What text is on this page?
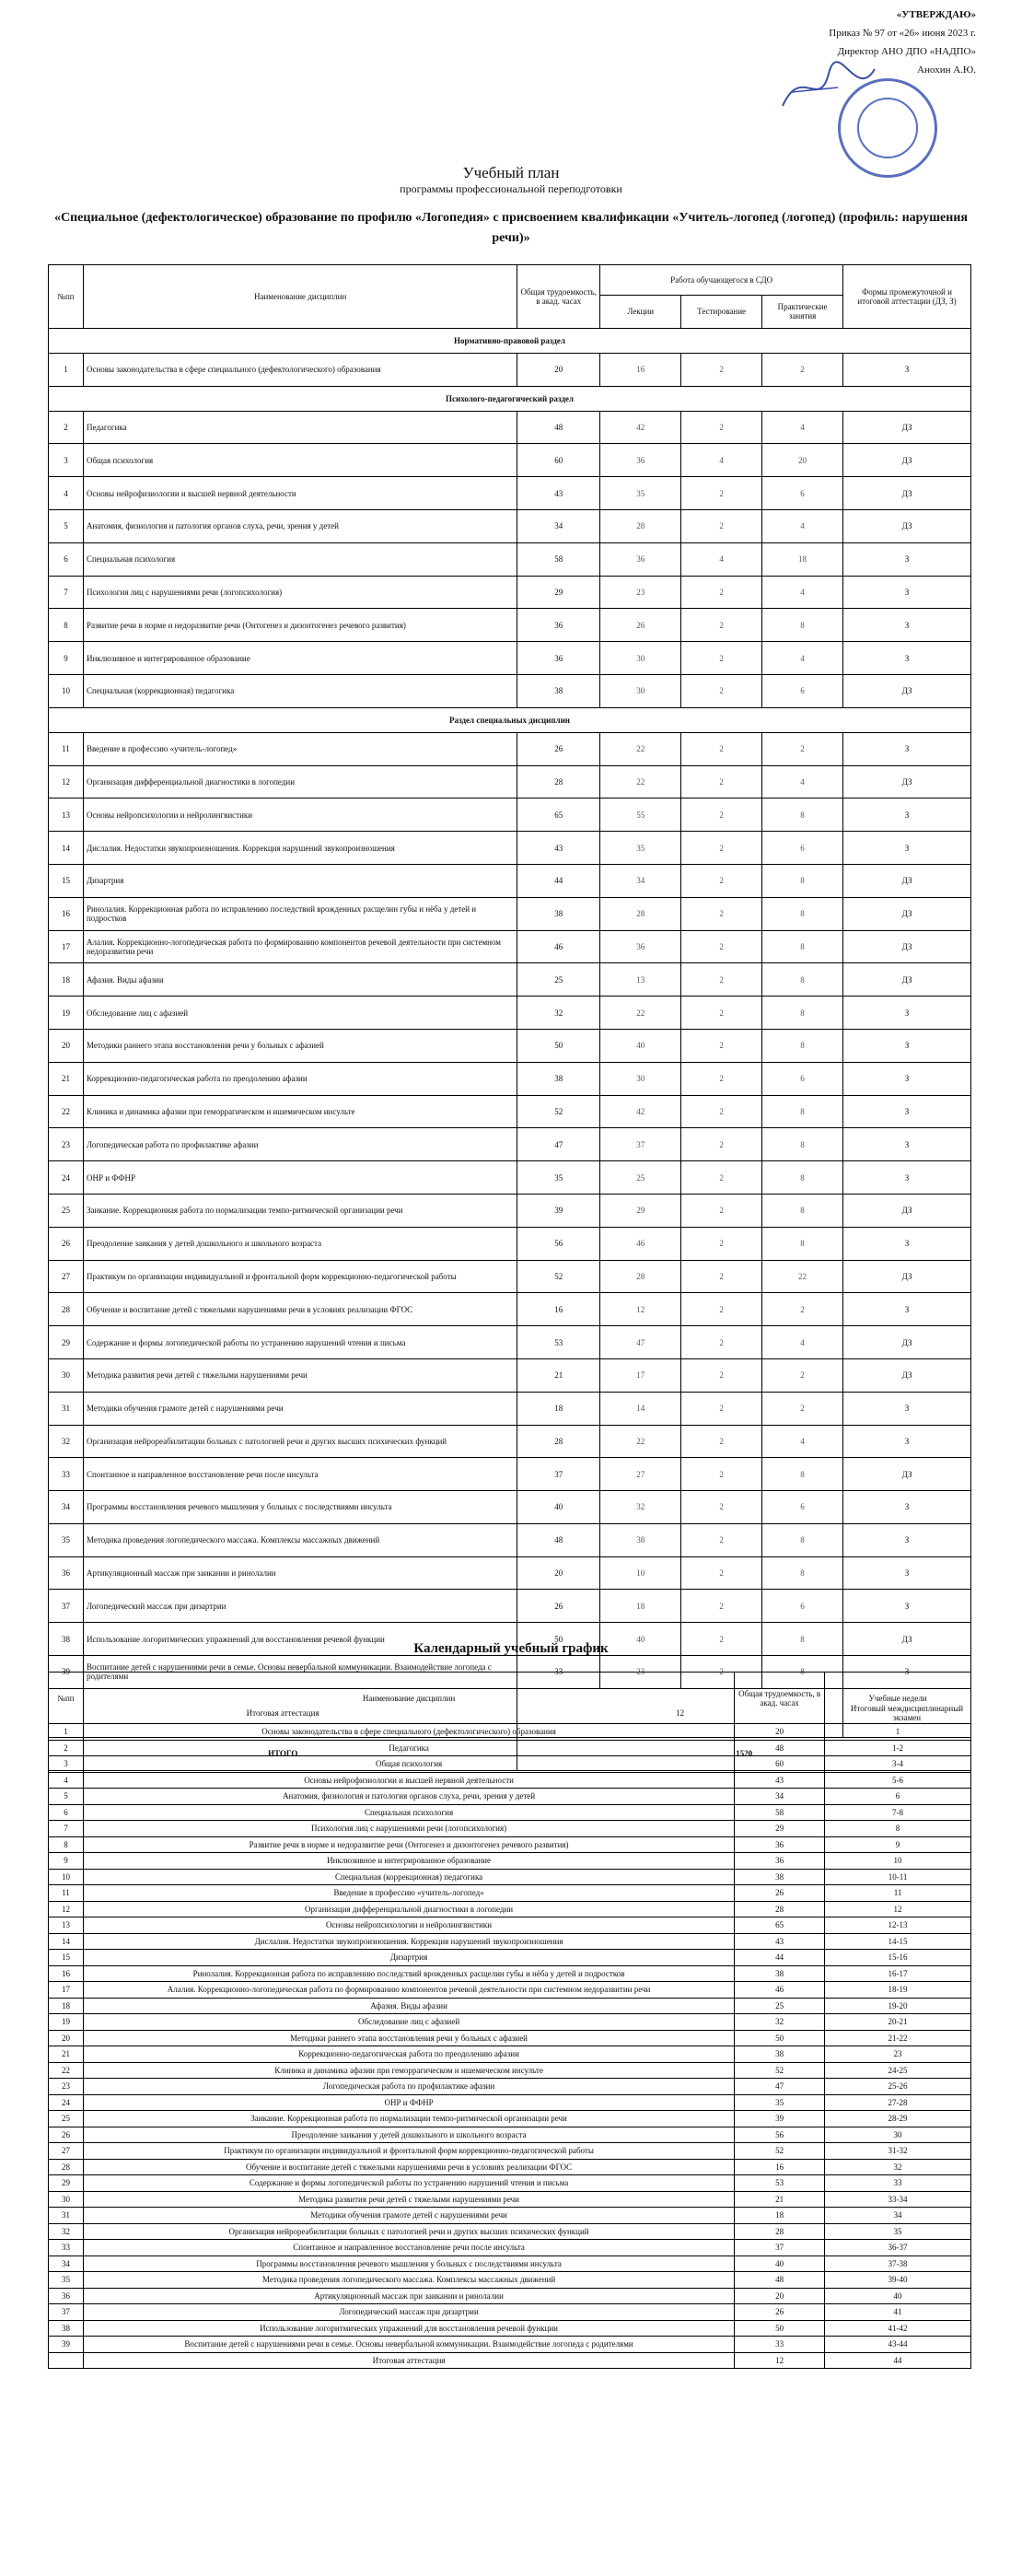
«УТВЕРЖДАЮ»
Приказ № 97 от «26» июня 2023 г.
Директор АНО ДПО «НАДПО»
Анохин А.Ю.
Учебный план
программы профессиональной переподготовки
«Специальное (дефектологическое) образование по профилю «Логопедия» с присвоением квалификации «Учитель-логопед (логопед) (профиль: нарушения речи)»
№пп	Наименование дисциплин	Общая трудоемкость, в акад. часах	Работа обучающегося в СДО			Формы промежуточной и итоговой аттестации (ДЗ, З)
			Лекции	Тестирование	Практические занятия	
Нормативно-правовой раздел						
1	Основы законодательства в сфере специального (дефектологического) образования	20	16	2	2	З
Психолого-педагогический раздел						
2	Педагогика	48	42	2	4	ДЗ
3	Общая психология	60	36	4	20	ДЗ
4	Основы нейрофизиологии и высшей нервной деятельности	43	35	2	6	ДЗ
5	Анатомия, физиология и патология органов слуха, речи, зрения у детей	34	28	2	4	ДЗ
6	Специальная психология	58	36	4	18	З
7	Психология лиц с нарушениями речи (логопсихология)	29	23	2	4	З
8	Развитие речи в норме и недоразвитие речи (Онтогенез и дизонтогенез речевого развития)	36	26	2	8	З
9	Инклюзивное и интегрированное образование	36	30	2	4	З
10	Специальная (коррекционная) педагогика	38	30	2	6	ДЗ
Раздел специальных дисциплин						
11	Введение в профессию «учитель-логопед»	26	22	2	2	З
12	Организация дифференциальной диагностики в логопедии	28	22	2	4	ДЗ
13	Основы нейропсихологии и нейролингвистики	65	55	2	8	З
14	Дислалия. Недостатки звукопроизношения. Коррекция нарушений звукопроизношения	43	35	2	6	З
15	Дизартрия	44	34	2	8	ДЗ
16	Ринолалия. Коррекционная работа по исправлению последствий врожденных расщелин губы и нёба у детей и подростков	38	28	2	8	ДЗ
17	Алалия. Коррекционно-логопедическая работа по формированию компонентов речевой деятельности при системном недоразвитии речи	46	36	2	8	ДЗ
18	Афазия. Виды афазии	25	13	2	8	ДЗ
19	Обследование лиц с афазией	32	22	2	8	З
20	Методики раннего этапа восстановления речи у больных с афазией	50	40	2	8	З
21	Коррекционно-педагогическая работа по преодолению афазии	38	30	2	6	З
22	Клиника и динамика афазии при геморрагическом и ишемическом инсульте	52	42	2	8	З
23	Логопедическая работа по профилактике афазии	47	37	2	8	З
24	ОНР и ФФНР	35	25	2	8	З
25	Заикание. Коррекционная работа по нормализации темпо-ритмической организации речи	39	29	2	8	ДЗ
26	Преодоление заикания у детей дошкольного и школьного возраста	56	46	2	8	З
27	Практикум по организации индивидуальной и фронтальной форм коррекционно-педагогической работы	52	28	2	22	ДЗ
28	Обучение и воспитание детей с тяжелыми нарушениями речи в условиях реализации ФГОС	16	12	2	2	З
29	Содержание и формы логопедической работы по устранению нарушений чтения и письма	53	47	2	4	ДЗ
30	Методика развития речи детей с тяжелыми нарушениями речи	21	17	2	2	ДЗ
31	Методики обучения грамоте детей с нарушениями речи	18	14	2	2	З
32	Организация нейрореабилитации больных с патологией речи и других высших психических функций	28	22	2	4	З
33	Спонтанное и направленное восстановление речи после инсульта	37	27	2	8	ДЗ
34	Программы восстановления речевого мышления у больных с последствиями инсульта	40	32	2	6	З
35	Методика проведения логопедического массажа. Комплексы массажных движений	48	38	2	8	З
36	Артикуляционный массаж при заикании и ринолалии	20	10	2	8	З
37	Логопедический массаж при дизартрии	26	18	2	6	З
38	Использование логоритмических упражнений для восстановления речевой функции	50	40	2	8	ДЗ
39	Воспитание детей с нарушениями речи в семье. Основы невербальной коммуникации. Взаимодействие логопеда с родителями	33	23	2	8	З
Итоговая аттестация		12				Итоговый междисциплинарный экзамен
ИТОГО		1520				
Календарный учебный график
№пп	Наименование дисциплин	Общая трудоемкость, в акад. часах	Учебные недели
1	Основы законодательства в сфере специального (дефектологического) образования	20	1
2	Педагогика	48	1-2
3	Общая психология	60	3-4
4	Основы нейрофизиологии и высшей нервной деятельности	43	5-6
5	Анатомия, физиология и патология органов слуха, речи, зрения у детей	34	6
6	Специальная психология	58	7-8
7	Психология лиц с нарушениями речи (логопсихология)	29	8
8	Развитие речи в норме и недоразвитие речи (Онтогенез и дизонтогенез речевого развития)	36	9
9	Инклюзивное и интегрированное образование	36	10
10	Специальная (коррекционная) педагогика	38	10-11
11	Введение в профессию «учитель-логопед»	26	11
12	Организация дифференциальной диагностики в логопедии	28	12
13	Основы нейропсихологии и нейролингвистики	65	12-13
14	Дислалия. Недостатки звукопроизношения. Коррекция нарушений звукопроизношения	43	14-15
15	Дизартрия	44	15-16
16	Ринолалия. Коррекционная работа по исправлению последствий врожденных расщелин губы и нёба у детей и подростков	38	16-17
17	Алалия. Коррекционно-логопедическая работа по формированию компонентов речевой деятельности при системном недоразвитии речи	46	18-19
18	Афазия. Виды афазии	25	19-20
19	Обследование лиц с афазией	32	20-21
20	Методики раннего этапа восстановления речи у больных с афазией	50	21-22
21	Коррекционно-педагогическая работа по преодолению афазии	38	23
22	Клиника и динамика афазии при геморрагическом и ишемическом инсульте	52	24-25
23	Логопедическая работа по профилактике афазии	47	25-26
24	ОНР и ФФНР	35	27-28
25	Заикание. Коррекционная работа по нормализации темпо-ритмической организации речи	39	28-29
26	Преодоление заикания у детей дошкольного и школьного возраста	56	30
27	Практикум по организации индивидуальной и фронтальной форм коррекционно-педагогической работы	52	31-32
28	Обучение и воспитание детей с тяжелыми нарушениями речи в условиях реализации ФГОС	16	32
29	Содержание и формы логопедической работы по устранению нарушений чтения и письма	53	33
30	Методика развития речи детей с тяжелыми нарушениями речи	21	33-34
31	Методики обучения грамоте детей с нарушениями речи	18	34
32	Организация нейрореабилитации больных с патологией речи и других высших психических функций	28	35
33	Спонтанное и направленное восстановление речи после инсульта	37	36-37
34	Программы восстановления речевого мышления у больных с последствиями инсульта	40	37-38
35	Методика проведения логопедического массажа. Комплексы массажных движений	48	39-40
36	Артикуляционный массаж при заикании и ринолалии	20	40
37	Логопедический массаж при дизартрии	26	41
38	Использование логоритмических упражнений для восстановления речевой функции	50	41-42
39	Воспитание детей с нарушениями речи в семье. Основы невербальной коммуникации. Взаимодействие логопеда с родителями	33	43-44
	Итоговая аттестация	12	44
